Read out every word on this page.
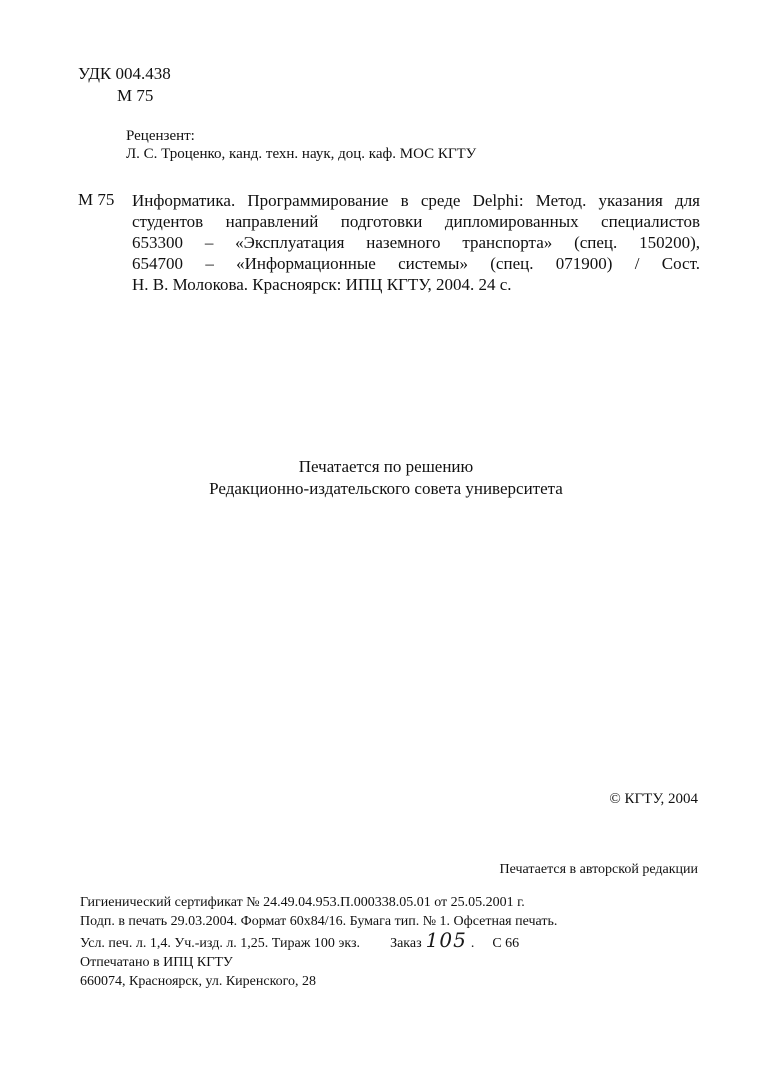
УДК 004.438
М 75
Рецензент:
Л. С. Троценко, канд. техн. наук, доц. каф. МОС КГТУ
М 75 Информатика. Программирование в среде Delphi: Метод. указания для
студентов направлений подготовки дипломированных специалистов
653300 – «Эксплуатация наземного транспорта» (спец. 150200),
654700 – «Информационные системы» (спец. 071900) / Сост.
Н. В. Молокова. Красноярск: ИПЦ КГТУ, 2004. 24 с.
Печатается по решению
Редакционно-издательского совета университета
© КГТУ, 2004
Печатается в авторской редакции
Гигиенический сертификат № 24.49.04.953.П.000338.05.01 от 25.05.2001 г.
Подп. в печать 29.03.2004. Формат 60х84/16. Бумага тип. № 1. Офсетная печать.
Усл. печ. л. 1,4. Уч.-изд. л. 1,25. Тираж 100 экз. Заказ 105 . С 66
Отпечатано в ИПЦ КГТУ
660074, Красноярск, ул. Киренского, 28
